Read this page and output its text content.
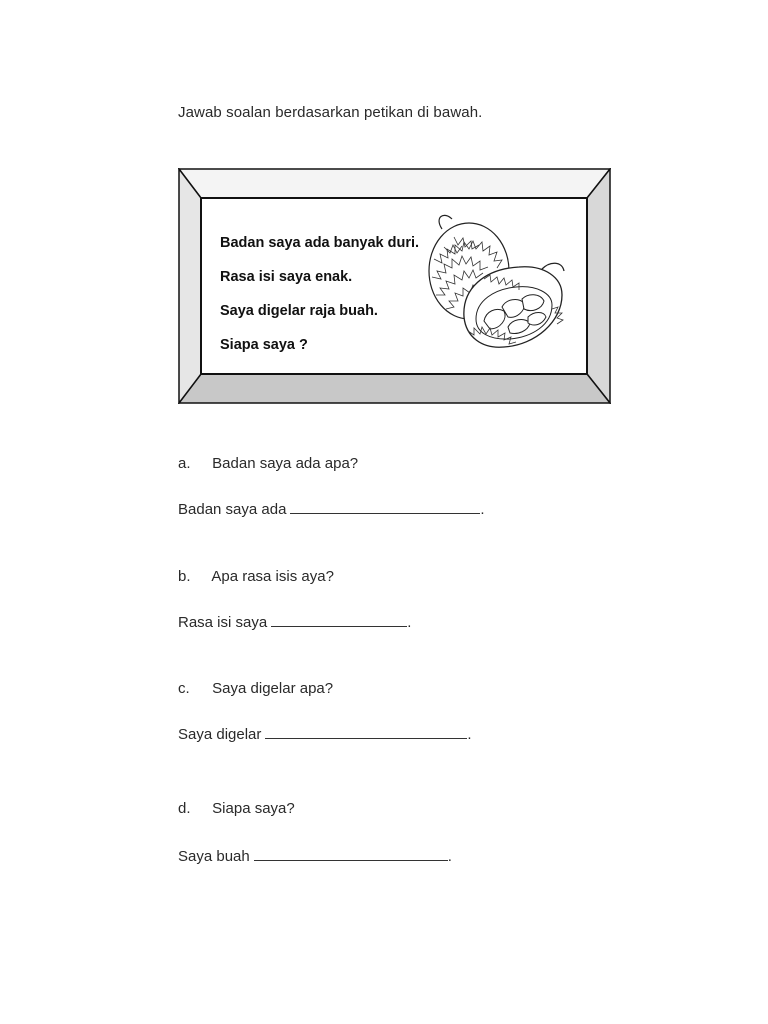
Jawab soalan berdasarkan petikan di bawah.
Badan saya ada banyak duri.
Rasa isi saya enak.
Saya digelar raja buah.
Siapa saya ?
a. Badan saya ada apa?
Badan saya ada	.
b. Apa rasa isis aya?
Rasa isi saya	.
c. Saya digelar apa?
Saya digelar	.
d. Siapa saya?
Saya buah	.
